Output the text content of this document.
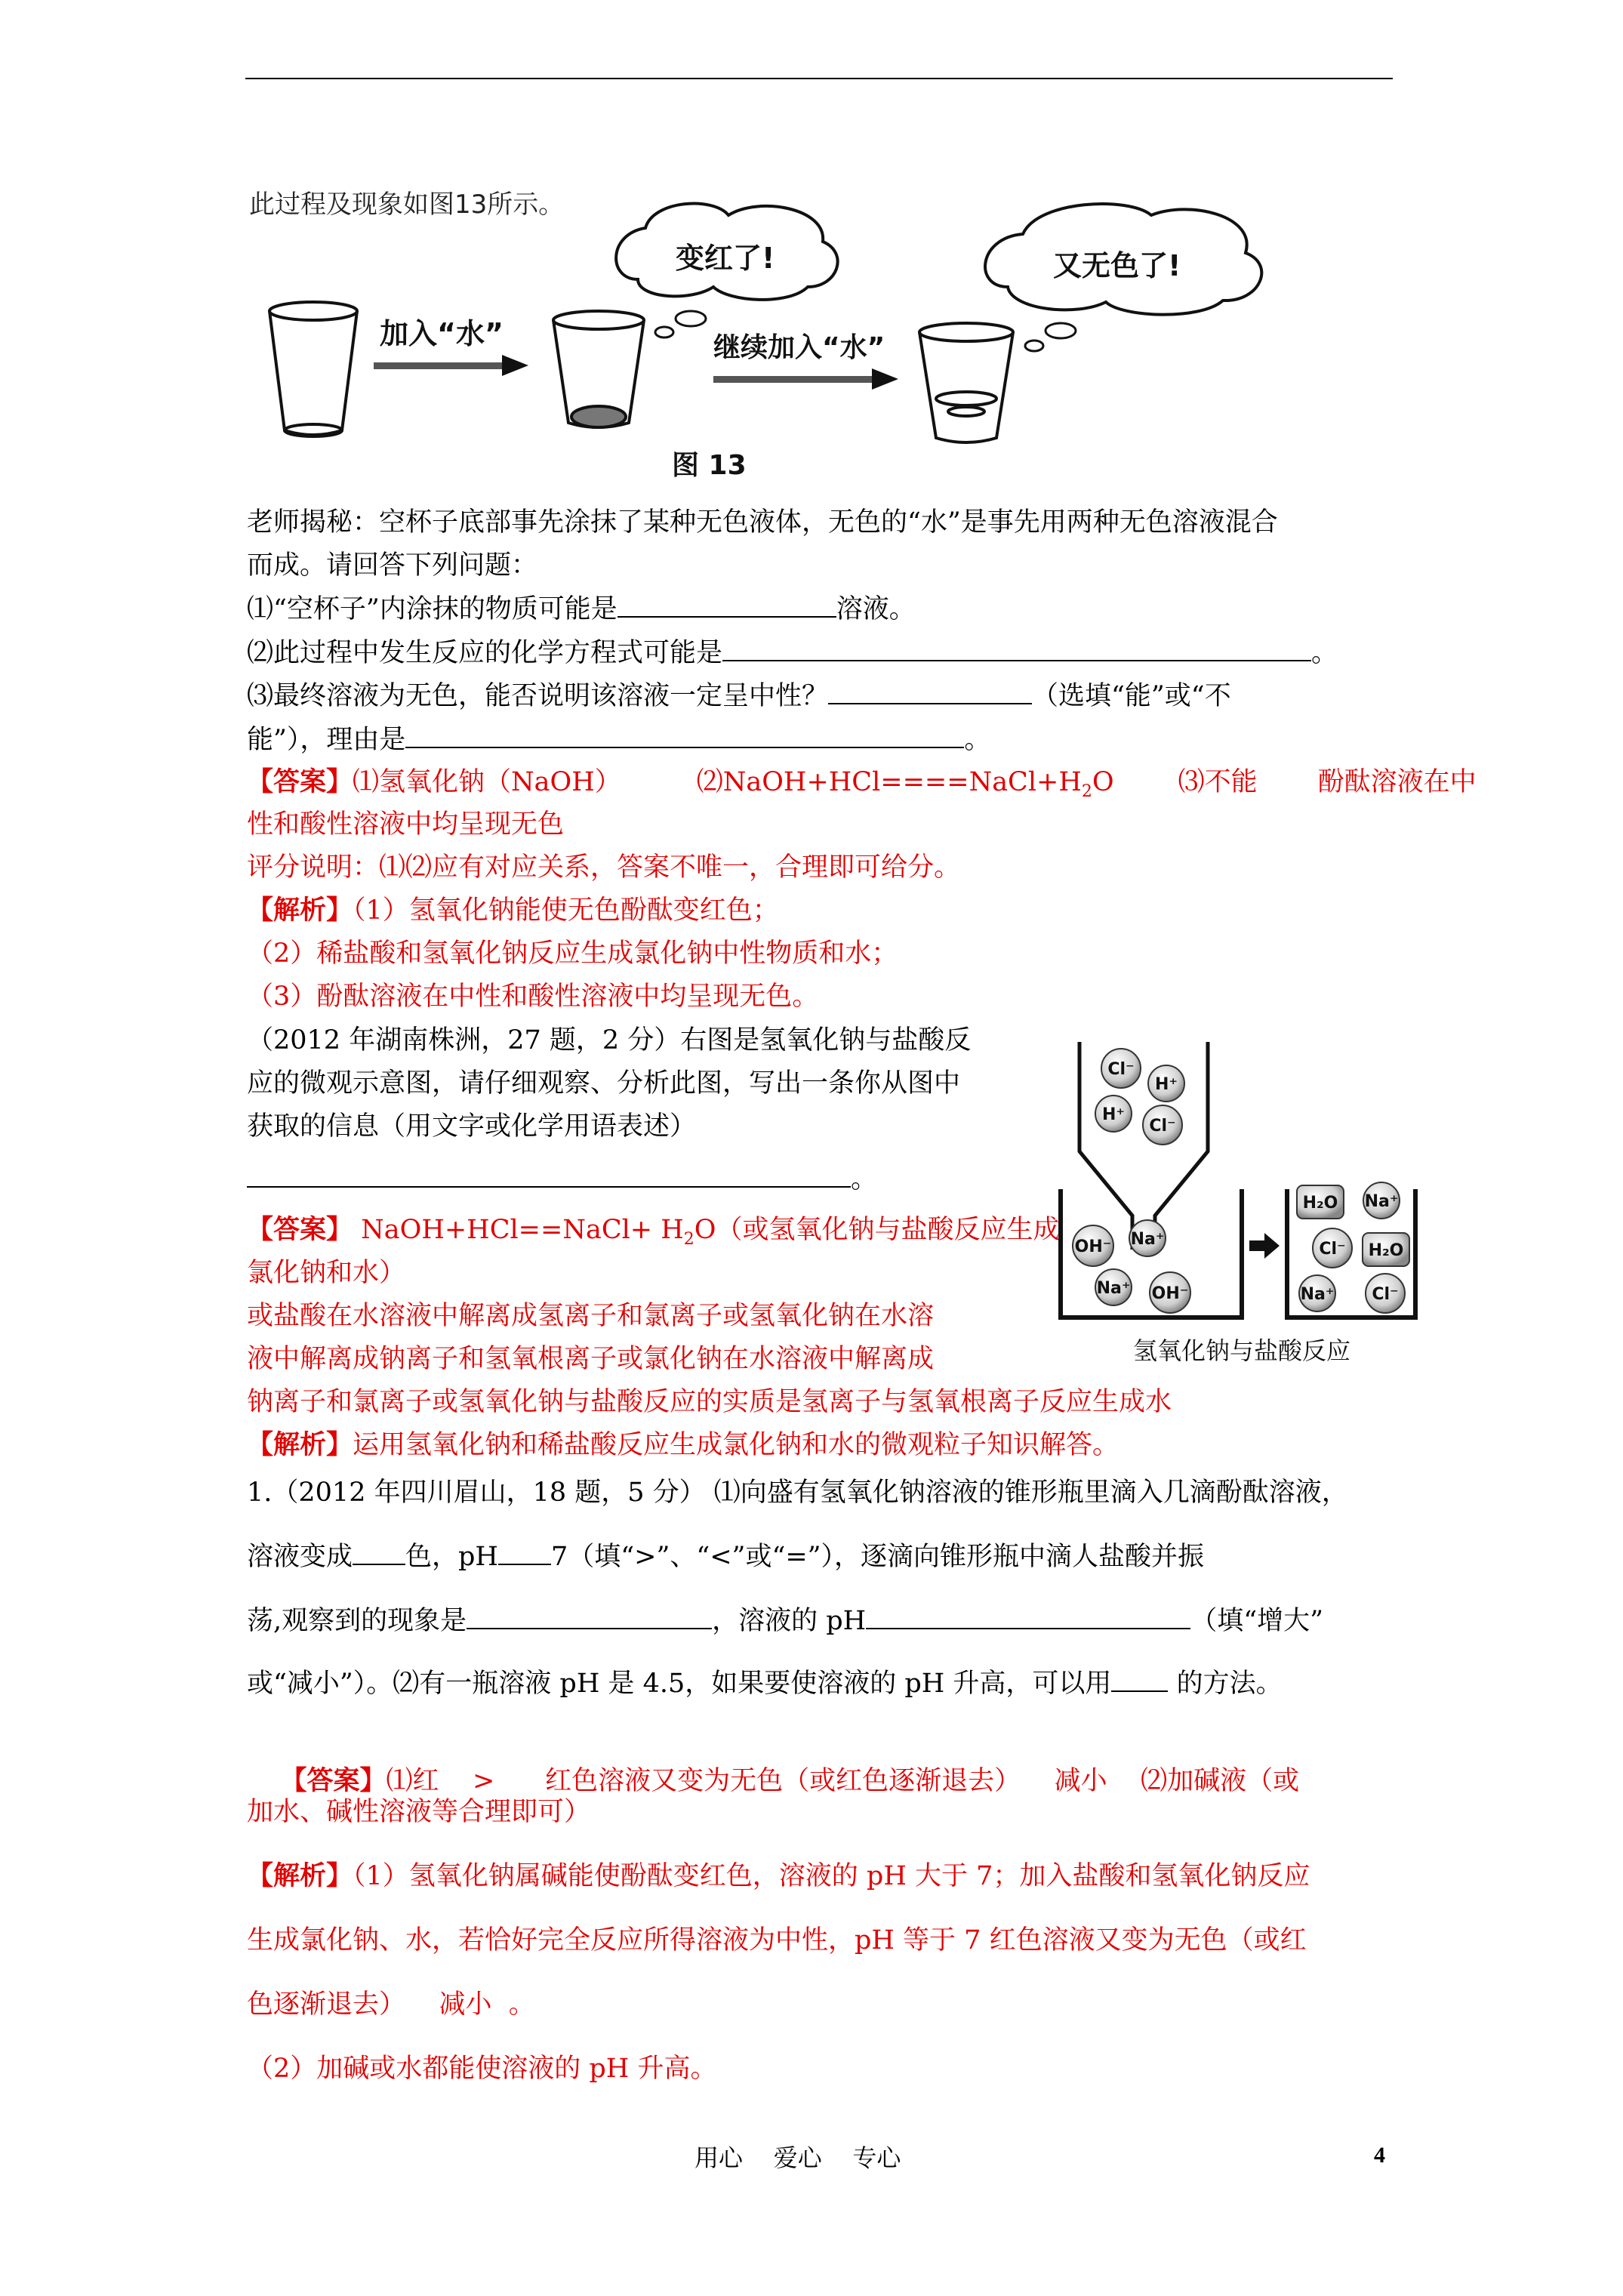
此过程及现象如图13所示。
加入“水”
变红了!
继续加入“水”
又无色了!
图 13
老师揭秘：空杯子底部事先涂抹了某种无色液体，无色的“水”是事先用两种无色溶液混合
而成。请回答下列问题：
⑴“空杯子”内涂抹的物质可能是	溶液。
⑵此过程中发生反应的化学方程式可能是	。
⑶最终溶液为无色，能否说明该溶液一定呈中性？	（选填“能”或“不
能”），理由是	。
【答案】⑴氢氧化钠（NaOH）	$⑵NaOH+HCl====NaCl+H_2O$ ⑶不能 酚酞溶液在中
性和酸性溶液中均呈现无色
评分说明：⑴⑵应有对应关系，答案不唯一，合理即可给分。
【解析】（1）氢氧化钠能使无色酚酞变红色；
（2）稀盐酸和氢氧化钠反应生成氯化钠中性物质和水；
（3）酚酞溶液在中性和酸性溶液中均呈现无色。
（2012 年湖南株洲，27 题，2 分）右图是氢氧化钠与盐酸反
应的微观示意图，请仔细观察、分析此图，写出一条你从图中
获取的信息（用文字或化学用语表述）
。
【答案】 NaOH+HCl==NaCl+ $H_2O$（或氢氧化钠与盐酸反应生成
氯化钠和水）
或盐酸在水溶液中解离成氢离子和氯离子或氢氧化钠在水溶
液中解离成钠离子和氢氧根离子或氯化钠在水溶液中解离成
钠离子和氯离子或氢氧化钠与盐酸反应的实质是氢离子与氢氧根离子反应生成水
【解析】运用氢氧化钠和稀盐酸反应生成氯化钠和水的微观粒子知识解答。
Cl⁻
H⁺
H⁺
Cl⁻
OH⁻ Na⁺
Na⁺ OH⁻
H₂O Na⁺
Cl⁻ H₂O
Na⁺ Cl⁻
氢氧化钠与盐酸反应
1.（2012 年四川眉山，18 题，5 分） ⑴向盛有氢氧化钠溶液的锥形瓶里滴入几滴酚酞溶液，
溶液变成 色，pH 7（填“>”、“<”或“=”），逐滴向锥形瓶中滴人盐酸并振
荡,观察到的现象是	，溶液的 pH	（填“增大”
或“减小”）。⑵有一瓶溶液 pH 是 4.5，如果要使溶液的 pH 升高，可以用 的方法。

【答案】⑴红    >      红色溶液又变为无色（或红色逐渐退去）    减小    ⑵加碱液（或

加水、碱性溶液等合理即可）
【解析】（1）氢氧化钠属碱能使酚酞变红色，溶液的 pH 大于 7；加入盐酸和氢氧化钠反应
生成氯化钠、水，若恰好完全反应所得溶液为中性，pH 等于 7 红色溶液又变为无色（或红
色逐渐退去）    减小  。
（2）加碱或水都能使溶液的 pH 升高。
用心    爱心    专心	4
